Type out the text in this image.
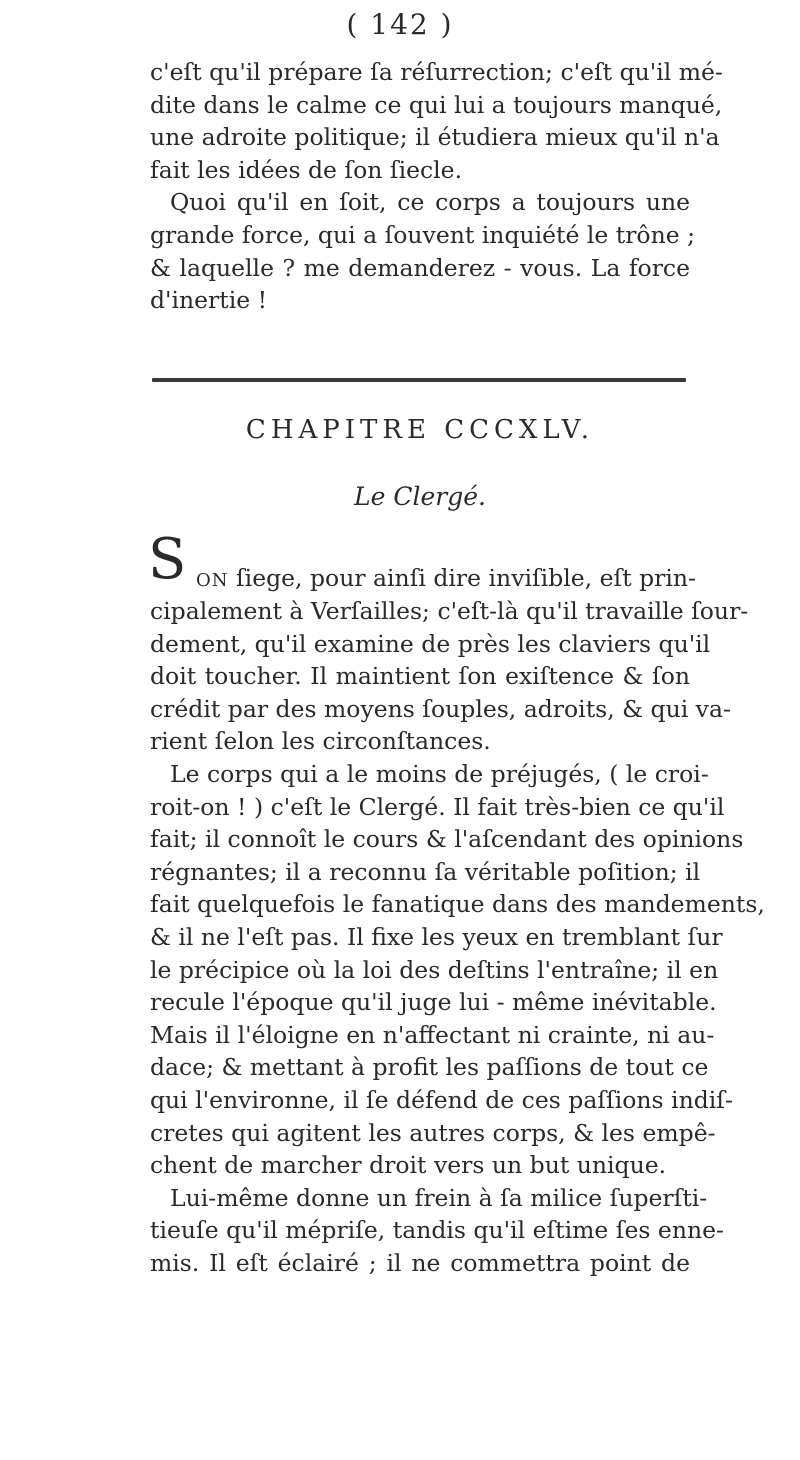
( 142 )
c'eſt qu'il prépare ſa réſurrection; c'eſt qu'il mé-
dite dans le calme ce qui lui a toujours manqué,
une adroite politique; il étudiera mieux qu'il n'a
fait les idées de ſon ſiecle.
Quoi qu'il en ſoit, ce corps a toujours une
grande force, qui a ſouvent inquiété le trône ;
& laquelle ? me demanderez - vous. La force
d'inertie !
CHAPITRE CCCXLV.
Le Clergé.
S ON ſiege, pour ainſi dire inviſible, eſt prin-
cipalement à Verſailles; c'eſt-là qu'il travaille ſour-
dement, qu'il examine de près les claviers qu'il
doit toucher. Il maintient ſon exiſtence & ſon
crédit par des moyens ſouples, adroits, & qui va-
rient ſelon les circonſtances.
Le corps qui a le moins de préjugés, ( le croi-
roit-on ! ) c'eſt le Clergé. Il fait très-bien ce qu'il
fait; il connoît le cours & l'aſcendant des opinions
régnantes; il a reconnu ſa véritable poſition; il
fait quelquefois le fanatique dans des mandements,
& il ne l'eſt pas. Il fixe les yeux en tremblant ſur
le précipice où la loi des deſtins l'entraîne; il en
recule l'époque qu'il juge lui - même inévitable.
Mais il l'éloigne en n'affectant ni crainte, ni au-
dace; & mettant à profit les paſſions de tout ce
qui l'environne, il ſe défend de ces paſſions indiſ-
cretes qui agitent les autres corps, & les empê-
chent de marcher droit vers un but unique.
Lui-même donne un frein à ſa milice ſuperſti-
tieuſe qu'il mépriſe, tandis qu'il eſtime ſes enne-
mis. Il eſt éclairé ; il ne commettra point de
